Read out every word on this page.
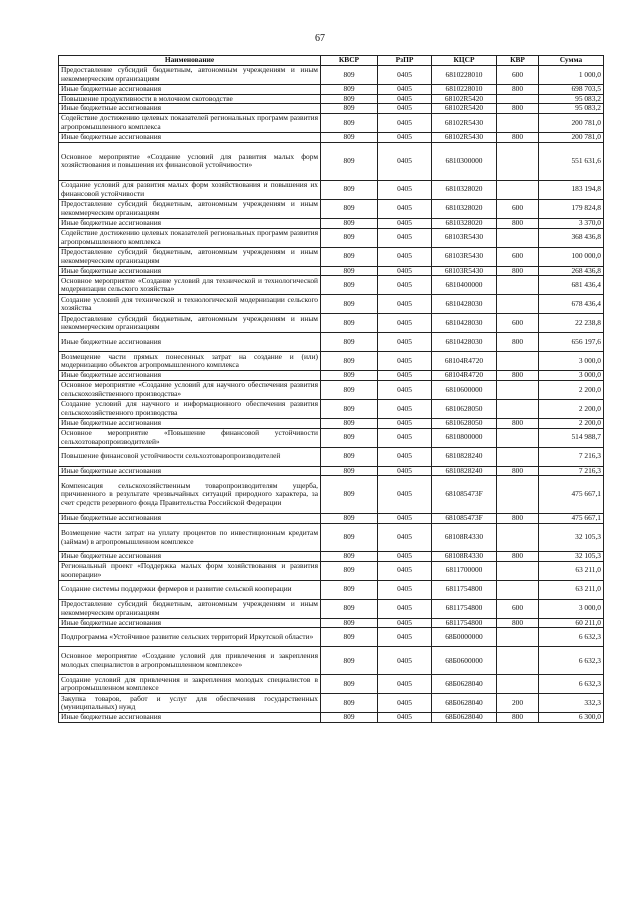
67
Наименование	КВСР	РзПР	КЦСР	КВР	Сумма
Предоставление субсидий бюджетным, автономным учреждениям и иным некоммерческим организациям	809	0405	6810228010	600	1 000,0
Иные бюджетные ассигнования	809	0405	6810228010	800	698 703,5
Повышение продуктивности в молочном скотоводстве	809	0405	68102R5420		95 083,2
Иные бюджетные ассигнования	809	0405	68102R5420	800	95 083,2
Содействие достижению целевых показателей региональных программ развития агропромышленного комплекса	809	0405	68102R5430		200 781,0
Иные бюджетные ассигнования	809	0405	68102R5430	800	200 781,0
Основное мероприятие «Создание условий для развития малых форм хозяйствования и повышения их финансовой устойчивости»	809	0405	6810300000		551 631,6
Создание условий для развития малых форм хозяйствования и повышения их финансовой устойчивости	809	0405	6810328020		183 194,8
Предоставление субсидий бюджетным, автономным учреждениям и иным некоммерческим организациям	809	0405	6810328020	600	179 824,8
Иные бюджетные ассигнования	809	0405	6810328020	800	3 370,0
Содействие достижению целевых показателей региональных программ развития агропромышленного комплекса	809	0405	68103R5430		368 436,8
Предоставление субсидий бюджетным, автономным учреждениям и иным некоммерческим организациям	809	0405	68103R5430	600	100 000,0
Иные бюджетные ассигнования	809	0405	68103R5430	800	268 436,8
Основное мероприятие «Создание условий для технической и технологической модернизации сельского хозяйства»	809	0405	6810400000		681 436,4
Создание условий для технической и технологической модернизации сельского хозяйства	809	0405	6810428030		678 436,4
Предоставление субсидий бюджетным, автономным учреждениям и иным некоммерческим организациям	809	0405	6810428030	600	22 238,8
Иные бюджетные ассигнования	809	0405	6810428030	800	656 197,6
Возмещение части прямых понесенных затрат на создание и (или) модернизацию объектов агропромышленного комплекса	809	0405	68104R4720		3 000,0
Иные бюджетные ассигнования	809	0405	68104R4720	800	3 000,0
Основное мероприятие «Создание условий для научного обеспечения развития сельскохозяйственного производства»	809	0405	6810600000		2 200,0
Создание условий для научного и информационного обеспечения развития сельскохозяйственного производства	809	0405	6810628050		2 200,0
Иные бюджетные ассигнования	809	0405	6810628050	800	2 200,0
Основное мероприятие «Повышение финансовой устойчивости сельхозтоваропроизводителей»	809	0405	6810800000		514 988,7
Повышение финансовой устойчивости сельхозтоваропроизводителей	809	0405	6810828240		7 216,3
Иные бюджетные ассигнования	809	0405	6810828240	800	7 216,3
Компенсация сельскохозяйственным товаропроизводителям ущерба, причиненного в результате чрезвычайных ситуаций природного характера, за счет средств резервного фонда Правительства Российской Федерации	809	0405	681085473F		475 667,1
Иные бюджетные ассигнования	809	0405	681085473F	800	475 667,1
Возмещение части затрат на уплату процентов по инвестиционным кредитам (займам) в агропромышленном комплексе	809	0405	68108R4330		32 105,3
Иные бюджетные ассигнования	809	0405	68108R4330	800	32 105,3
Региональный проект «Поддержка малых форм хозяйствования и развития кооперации»	809	0405	6811700000		63 211,0
Создание системы поддержки фермеров и развитие сельской кооперации	809	0405	6811754800		63 211,0
Предоставление субсидий бюджетным, автономным учреждениям и иным некоммерческим организациям	809	0405	6811754800	600	3 000,0
Иные бюджетные ассигнования	809	0405	6811754800	800	60 211,0
Подпрограмма «Устойчивое развитие сельских территорий Иркутской области»	809	0405	68Б0000000		6 632,3
Основное мероприятие «Создание условий для привлечения и закрепления молодых специалистов в агропромышленном комплексе»	809	0405	68Б0600000		6 632,3
Создание условий для привлечения и закрепления молодых специалистов в агропромышленном комплексе	809	0405	68Б0628040		6 632,3
Закупка товаров, работ и услуг для обеспечения государственных (муниципальных) нужд	809	0405	68Б0628040	200	332,3
Иные бюджетные ассигнования	809	0405	68Б0628040	800	6 300,0
